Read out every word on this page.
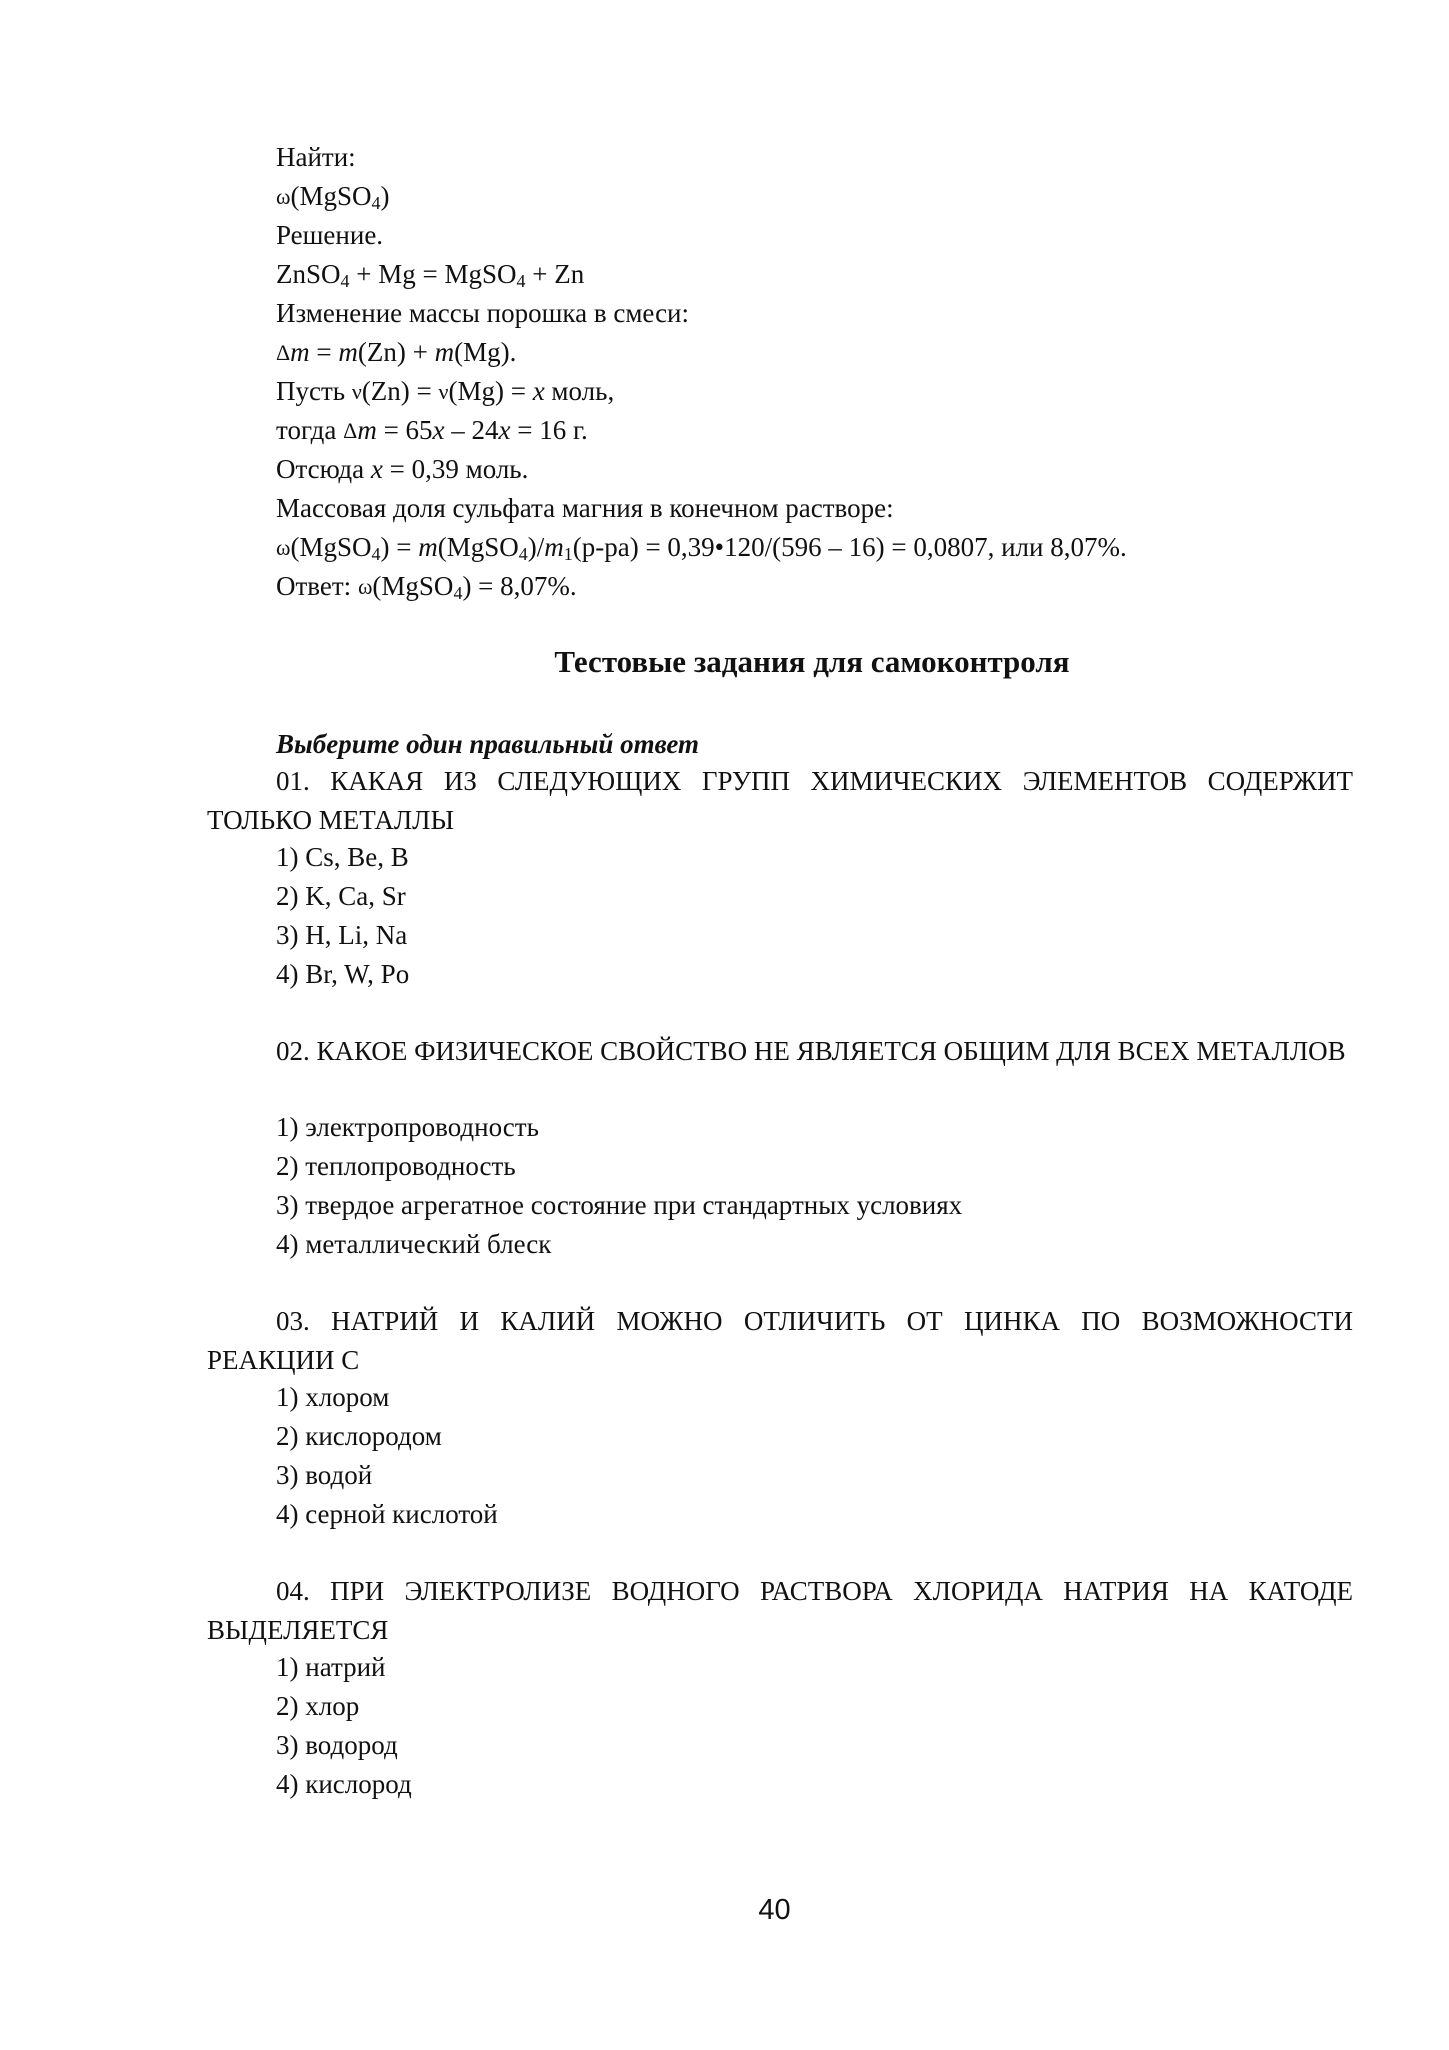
Найти:
ω(MgSO$_4$)
Решение.
ZnSO$_4$ + Mg = MgSO$_4$ + Zn
Изменение массы порошка в смеси:
Δm = m(Zn) + m(Mg).
Пусть ν(Zn) = ν(Mg) = x моль,
тогда Δm = 65x – 24x = 16 г.
Отсюда x = 0,39 моль.
Массовая доля сульфата магния в конечном растворе:
ω(MgSO$_4$) = $m(MgSO_4)/m_1(р-ра)$ = 0,39•120/(596 – 16) = 0,0807, или 8,07%.
Ответ: ω(MgSO$_4$) = 8,07%.
Тестовые задания для самоконтроля
Выберите один правильный ответ
01. КАКАЯ ИЗ СЛЕДУЮЩИХ ГРУПП ХИМИЧЕСКИХ ЭЛЕМЕНТОВ СОДЕРЖИТ ТОЛЬКО МЕТАЛЛЫ
1) Cs, Be, B
2) K, Ca, Sr
3) H, Li, Na
4) Br, W, Po
02. КАКОЕ ФИЗИЧЕСКОЕ СВОЙСТВО НЕ ЯВЛЯЕТСЯ ОБЩИМ ДЛЯ ВСЕХ МЕТАЛЛОВ
1) электропроводность
2) теплопроводность
3) твердое агрегатное состояние при стандартных условиях
4) металлический блеск
03. НАТРИЙ И КАЛИЙ МОЖНО ОТЛИЧИТЬ ОТ ЦИНКА ПО ВОЗМОЖНОСТИ РЕАКЦИИ С
1) хлором
2) кислородом
3) водой
4) серной кислотой
04. ПРИ ЭЛЕКТРОЛИЗЕ ВОДНОГО РАСТВОРА ХЛОРИДА НАТРИЯ НА КАТОДЕ ВЫДЕЛЯЕТСЯ
1) натрий
2) хлор
3) водород
4) кислород
40
